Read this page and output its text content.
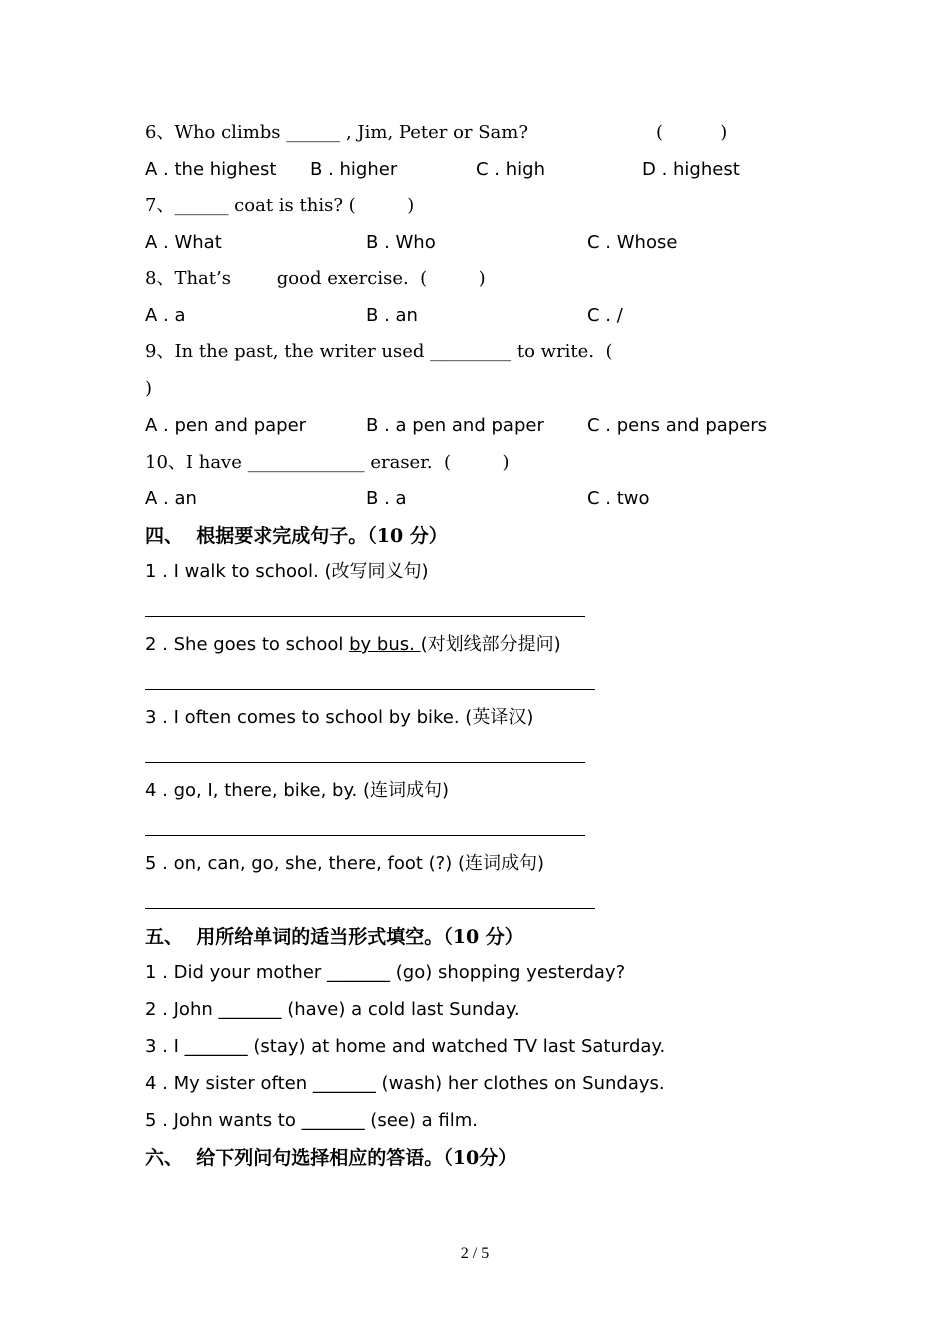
6、Who climbs ______ , Jim, Peter or Sam?	(          )
A . the highest B . higher	C . high	D . highest
7、______ coat is this? (         )
A . What	B . Who	C . Whose
8、That’s        good exercise.  (         )
A . a	B . an	C . /
9、In the past, the writer used _________ to write.  (
)
A . pen and paper	B . a pen and paper C . pens and papers
10、I have _____________ eraser.  (         )
A . an	B . a	C . two
四、  根据要求完成句子。（10 分）
1 . I walk to school. (改写同义句)
2 . She goes to school by bus. (对划线部分提问)
3 . I often comes to school by bike. (英译汉)
4 . go, I, there, bike, by. (连词成句)
5 . on, can, go, she, there, foot (?) (连词成句)
五、  用所给单词的适当形式填空。（10 分）
1 . Did your mother _______ (go) shopping yesterday?
2 . John _______ (have) a cold last Sunday.
3 . I _______ (stay) at home and watched TV last Saturday.
4 . My sister often _______ (wash) her clothes on Sundays.
5 . John wants to _______ (see) a film.
六、  给下列问句选择相应的答语。（10分）
2 / 5
